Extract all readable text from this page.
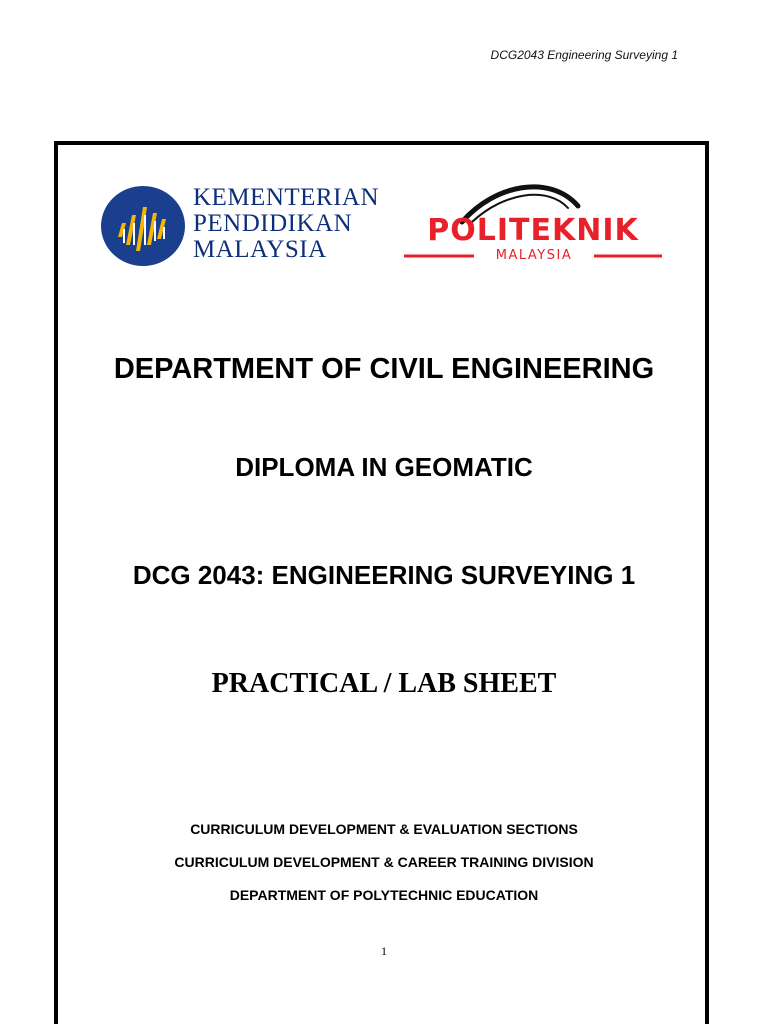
DCG2043 Engineering Surveying 1
KEMENTERIAN
PENDIDIKAN
MALAYSIA
POLITEKNIK
MALAYSIA
DEPARTMENT OF CIVIL ENGINEERING
DIPLOMA IN GEOMATIC
DCG 2043: ENGINEERING SURVEYING 1
PRACTICAL / LAB SHEET
CURRICULUM DEVELOPMENT & EVALUATION SECTIONS
CURRICULUM DEVELOPMENT & CAREER TRAINING DIVISION
DEPARTMENT OF POLYTECHNIC EDUCATION
1
